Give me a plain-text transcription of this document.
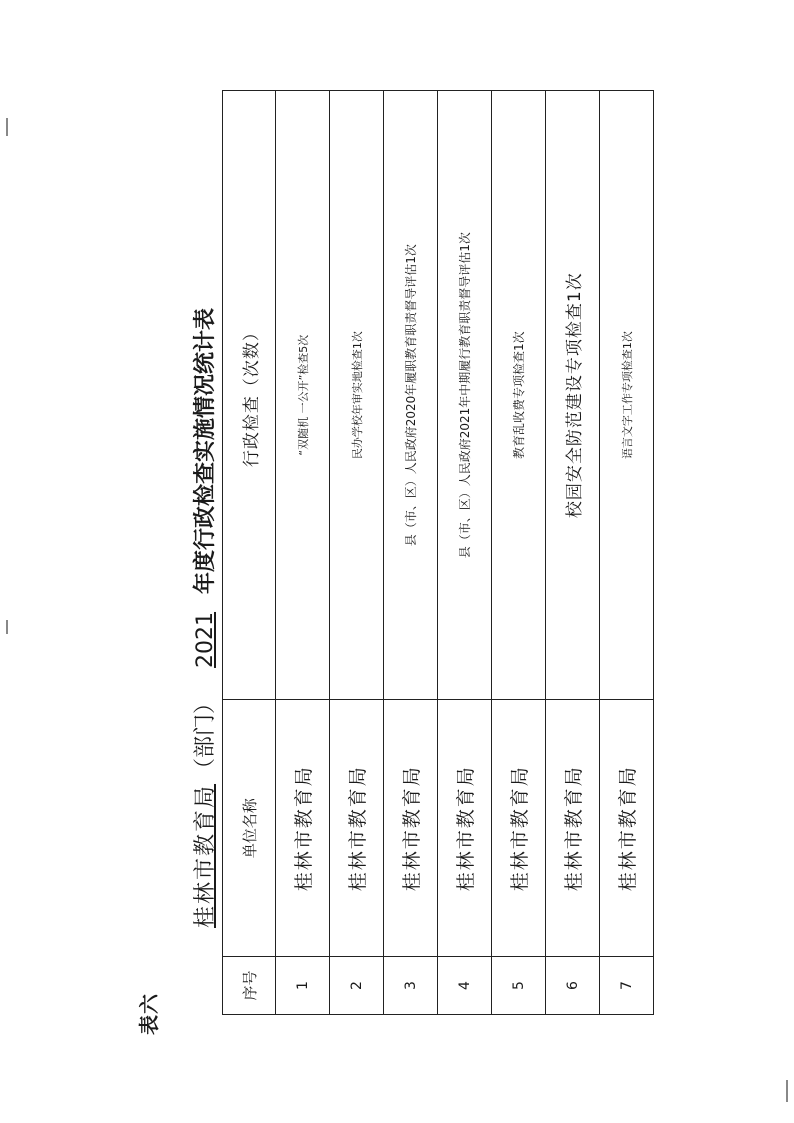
表六
桂林市教育局（部门）2021年度行政检查实施情况统计表
序号	单位名称	行政检查（次数）
1	桂林市教育局	“双随机 一公开”检查5次
2	桂林市教育局	民办学校年审实地检查1次
3	桂林市教育局	县（市、区）人民政府2020年履职教育职责督导评估1次
4	桂林市教育局	县（市、区）人民政府2021年中期履行教育职责督导评估1次
5	桂林市教育局	教育乱收费专项检查1次
6	桂林市教育局	校园安全防范建设专项检查1次
7	桂林市教育局	语言文字工作专项检查1次
